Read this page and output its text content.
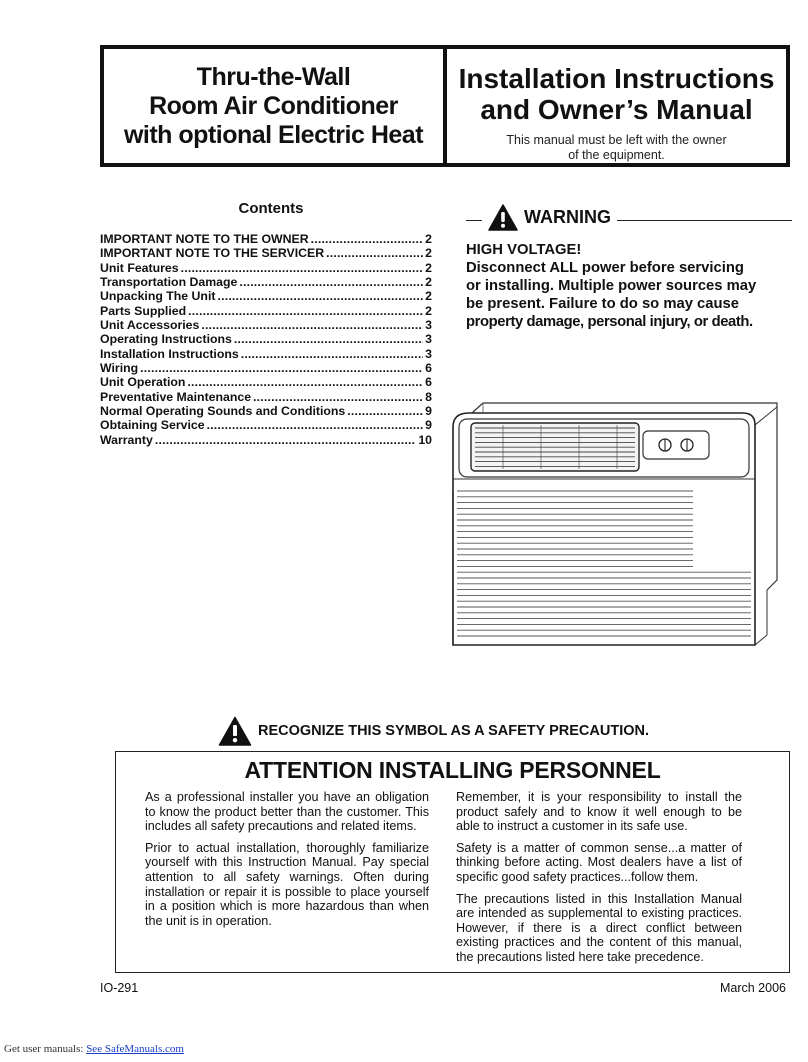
Thru-the-Wall
Room Air Conditioner
with optional Electric Heat
Installation Instructions
and Owner’s Manual
This manual must be left with the owner
of the equipment.
Contents
IMPORTANT NOTE TO THE OWNER .....	2
IMPORTANT NOTE TO THE SERVICER .....	2
Unit Features .....	2
Transportation Damage .....	2
Unpacking The Unit .....	2
Parts Supplied .....	2
Unit Accessories .....	3
Operating Instructions .....	3
Installation Instructions .....	3
Wiring .....	6
Unit Operation .....	6
Preventative Maintenance .....	8
Normal Operating Sounds and Conditions .....	9
Obtaining Service .....	9
Warranty .....	10
WARNING
HIGH VOLTAGE!
Disconnect ALL power before servicing
or installing. Multiple power sources may
be present. Failure to do so may cause
property damage, personal injury, or death.
RECOGNIZE THIS SYMBOL AS A SAFETY PRECAUTION.
ATTENTION INSTALLING PERSONNEL

As a professional installer you have an obligation to know the product better than the customer. This includes all safety precautions and related items.

Prior to actual installation, thoroughly familiarize yourself with this Instruction Manual. Pay special attention to all safety warnings. Often during installation or repair it is possible to place yourself in a position which is more hazardous than when the unit is in operation.

Remember, it is your responsibility to install the product safely and to know it well enough to be able to instruct a customer in its safe use.

Safety is a matter of common sense...a matter of thinking before acting. Most dealers have a list of specific good safety practices...follow them.

The precautions listed in this Installation Manual are intended as supplemental to existing practices. However, if there is a direct conflict between existing practices and the content of this manual, the precautions listed here take precedence.

IO-291	March 2006
Get user manuals: See SafeManuals.com
